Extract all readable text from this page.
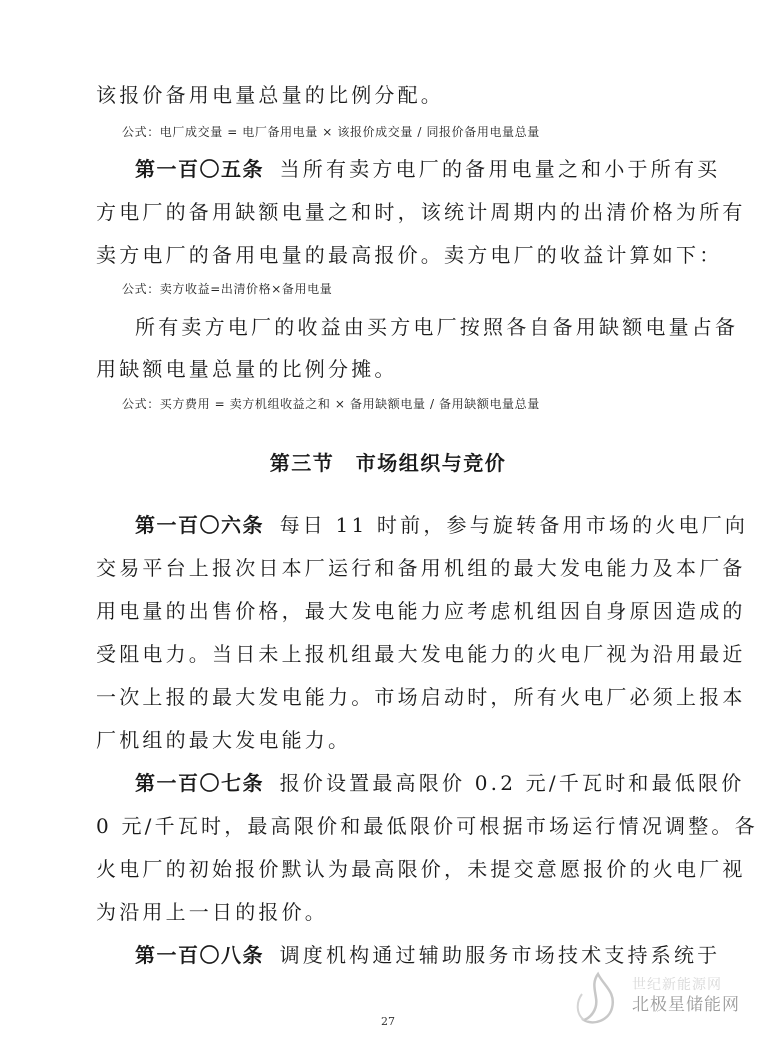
该报价备用电量总量的比例分配。
公式：电厂成交量 = 电厂备用电量 × 该报价成交量 / 同报价备用电量总量
第一百〇五条 当所有卖方电厂的备用电量之和小于所有买
方电厂的备用缺额电量之和时，该统计周期内的出清价格为所有
卖方电厂的备用电量的最高报价。卖方电厂的收益计算如下：
公式：卖方收益=出清价格×备用电量
所有卖方电厂的收益由买方电厂按照各自备用缺额电量占备
用缺额电量总量的比例分摊。
公式：买方费用 = 卖方机组收益之和 × 备用缺额电量 / 备用缺额电量总量
第三节　市场组织与竞价
第一百〇六条 每日 11 时前，参与旋转备用市场的火电厂向
交易平台上报次日本厂运行和备用机组的最大发电能力及本厂备
用电量的出售价格，最大发电能力应考虑机组因自身原因造成的
受阻电力。当日未上报机组最大发电能力的火电厂视为沿用最近
一次上报的最大发电能力。市场启动时，所有火电厂必须上报本
厂机组的最大发电能力。
第一百〇七条 报价设置最高限价 0.2 元/千瓦时和最低限价
0 元/千瓦时，最高限价和最低限价可根据市场运行情况调整。各
火电厂的初始报价默认为最高限价，未提交意愿报价的火电厂视
为沿用上一日的报价。
第一百〇八条 调度机构通过辅助服务市场技术支持系统于
27
世纪新能源网
北极星储能网
